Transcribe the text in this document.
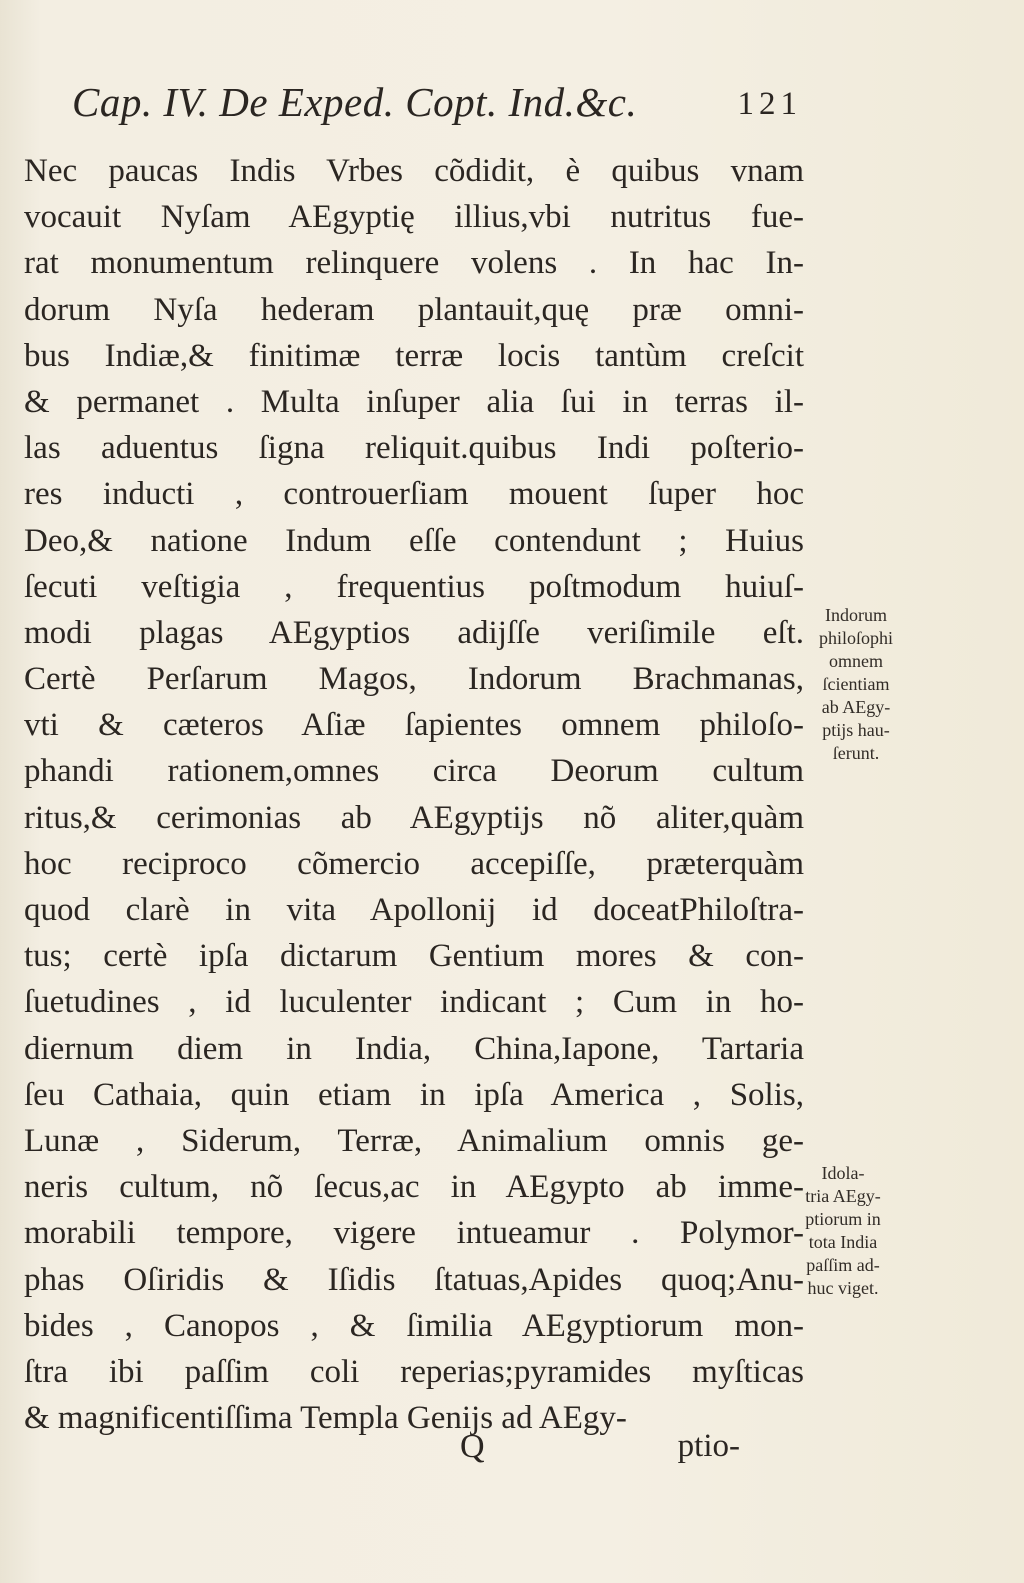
Cap. IV. De Exped. Copt. Ind.&c.	121
Nec paucas Indis Vrbes cõdidit, è quibus vnam
vocauit Nyſam AEgyptię illius,vbi nutritus fue-
rat monumentum relinquere volens . In hac In-
dorum Nyſa hederam plantauit,quę præ omni-
bus Indiæ,& finitimæ terræ locis tantùm creſcit
& permanet . Multa inſuper alia ſui in terras il-
las aduentus ſigna reliquit.quibus Indi poſterio-
res inducti , controuerſiam mouent ſuper hoc
Deo,& natione Indum eſſe contendunt ; Huius
ſecuti veſtigia , frequentius poſtmodum huiuſ-
modi plagas AEgyptios adijſſe veriſimile eſt.
Certè Perſarum Magos, Indorum Brachmanas,
vti & cæteros Aſiæ ſapientes omnem philoſo-
phandi rationem,omnes circa Deorum cultum
ritus,& cerimonias ab AEgyptijs nõ aliter,quàm
hoc reciproco cõmercio accepiſſe, præterquàm
quod clarè in vita Apollonij id doceatPhiloſtra-
tus; certè ipſa dictarum Gentium mores & con-
ſuetudines , id luculenter indicant ; Cum in ho-
diernum diem in India, China,Iapone, Tartaria
ſeu Cathaia, quin etiam in ipſa America , Solis,
Lunæ , Siderum, Terræ, Animalium omnis ge-
neris cultum, nõ ſecus,ac in AEgypto ab imme-
morabili tempore, vigere intueamur . Polymor-
phas Oſiridis & Iſidis ſtatuas,Apides quoq;Anu-
bides , Canopos , & ſimilia AEgyptiorum mon-
ſtra ibi paſſim coli reperias;pyramides myſticas
& magnificentiſſima Templa Genijs ad AEgy-
Indorum
philoſophi
omnem
ſcientiam
ab AEgy-
ptijs hau-
ſerunt.
Idola-
tria AEgy-
ptiorum in
tota India
paſſim ad-
huc viget.
Q	ptio-
